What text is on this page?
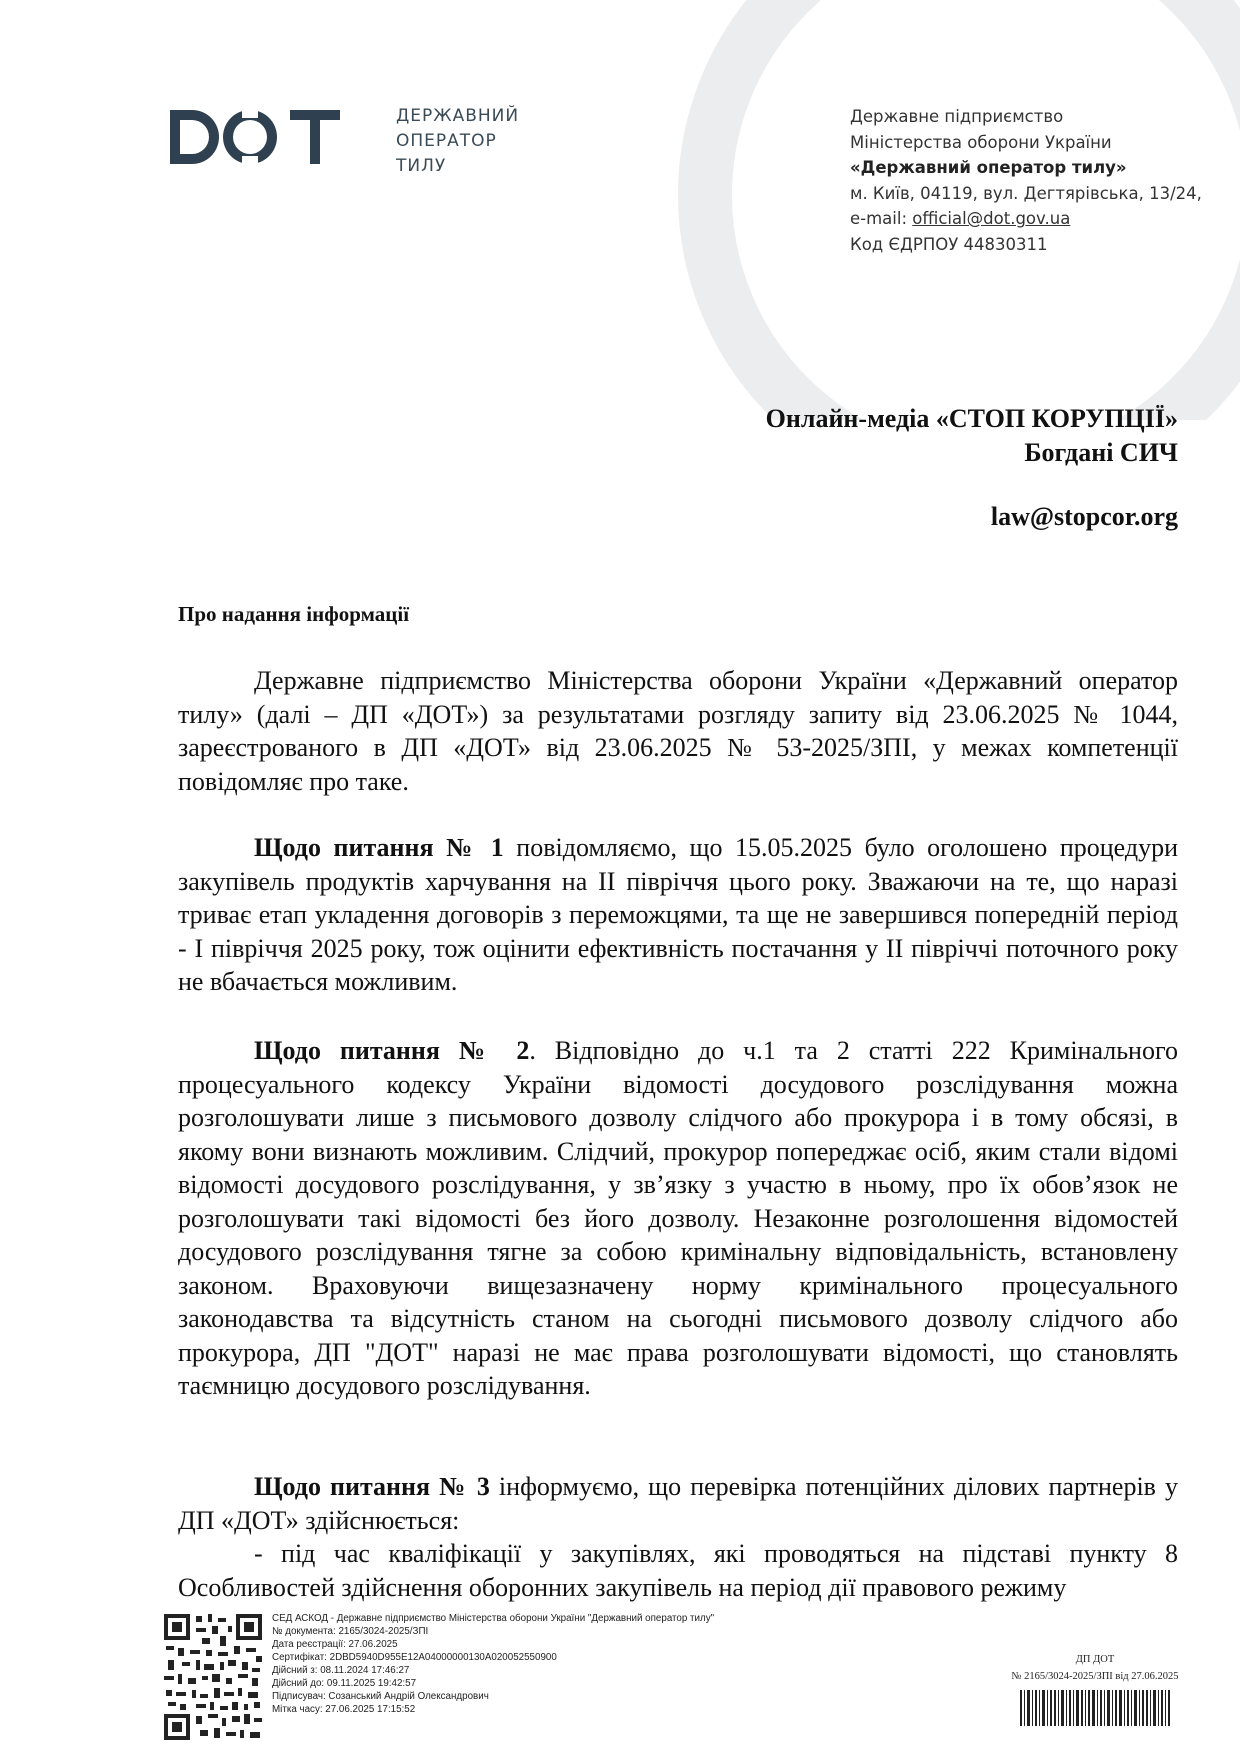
ДЕРЖАВНИЙ
ОПЕРАТОР
ТИЛУ
Державне підприємство
Міністерства оборони України
«Державний оператор тилу»
м. Київ, 04119, вул. Дегтярівська, 13/24,
e-mail: official@dot.gov.ua
Код ЄДРПОУ 44830311
Онлайн-медіа «СТОП КОРУПЦІЇ»
Богдані СИЧ
law@stopcor.org
Про надання інформації

Державне підприємство Міністерства оборони України «Державний оператор тилу» (далі – ДП «ДОТ») за результатами розгляду запиту від 23.06.2025 № 1044, зареєстрованого в ДП «ДОТ» від 23.06.2025 № 53-2025/ЗПІ, у межах компетенції повідомляє про таке.

Щодо питання № 1 повідомляємо, що 15.05.2025 було оголошено процедури закупівель продуктів харчування на ІІ півріччя цього року. Зважаючи на те, що наразі триває етап укладення договорів з переможцями, та ще не завершився попередній період - І півріччя 2025 року, тож оцінити ефективність постачання у ІІ півріччі поточного року не вбачається можливим.

Щодо питання № 2. Відповідно до ч.1 та 2 статті 222 Кримінального процесуального кодексу України відомості досудового розслідування можна розголошувати лише з письмового дозволу слідчого або прокурора і в тому обсязі, в якому вони визнають можливим. Слідчий, прокурор попереджає осіб, яким стали відомі відомості досудового розслідування, у зв’язку з участю в ньому, про їх обов’язок не розголошувати такі відомості без його дозволу. Незаконне розголошення відомостей досудового розслідування тягне за собою кримінальну відповідальність, встановлену законом. Враховуючи вищезазначену норму кримінального процесуального законодавства та відсутність станом на сьогодні письмового дозволу слідчого або прокурора, ДП "ДОТ" наразі не має права розголошувати відомості, що становлять таємницю досудового розслідування.

Щодо питання № 3 інформуємо, що перевірка потенційних ділових партнерів у ДП «ДОТ» здійснюється:

- під час кваліфікації у закупівлях, які проводяться на підставі пункту 8 Особливостей здійснення оборонних закупівель на період дії правового режиму

СЕД АСКОД - Державне підприємство Міністерства оборони України "Державний оператор тилу"
№ документа: 2165/3024-2025/ЗПІ
Дата реєстрації: 27.06.2025
Сертифікат: 2DBD5940D955E12A04000000130A020052550900
Дійсний з: 08.11.2024 17:46:27
Дійсний до: 09.11.2025 19:42:57
Підписувач: Созанський Андрій Олександрович
Мітка часу: 27.06.2025 17:15:52
ДП ДОТ
№ 2165/3024-2025/ЗПІ від 27.06.2025
